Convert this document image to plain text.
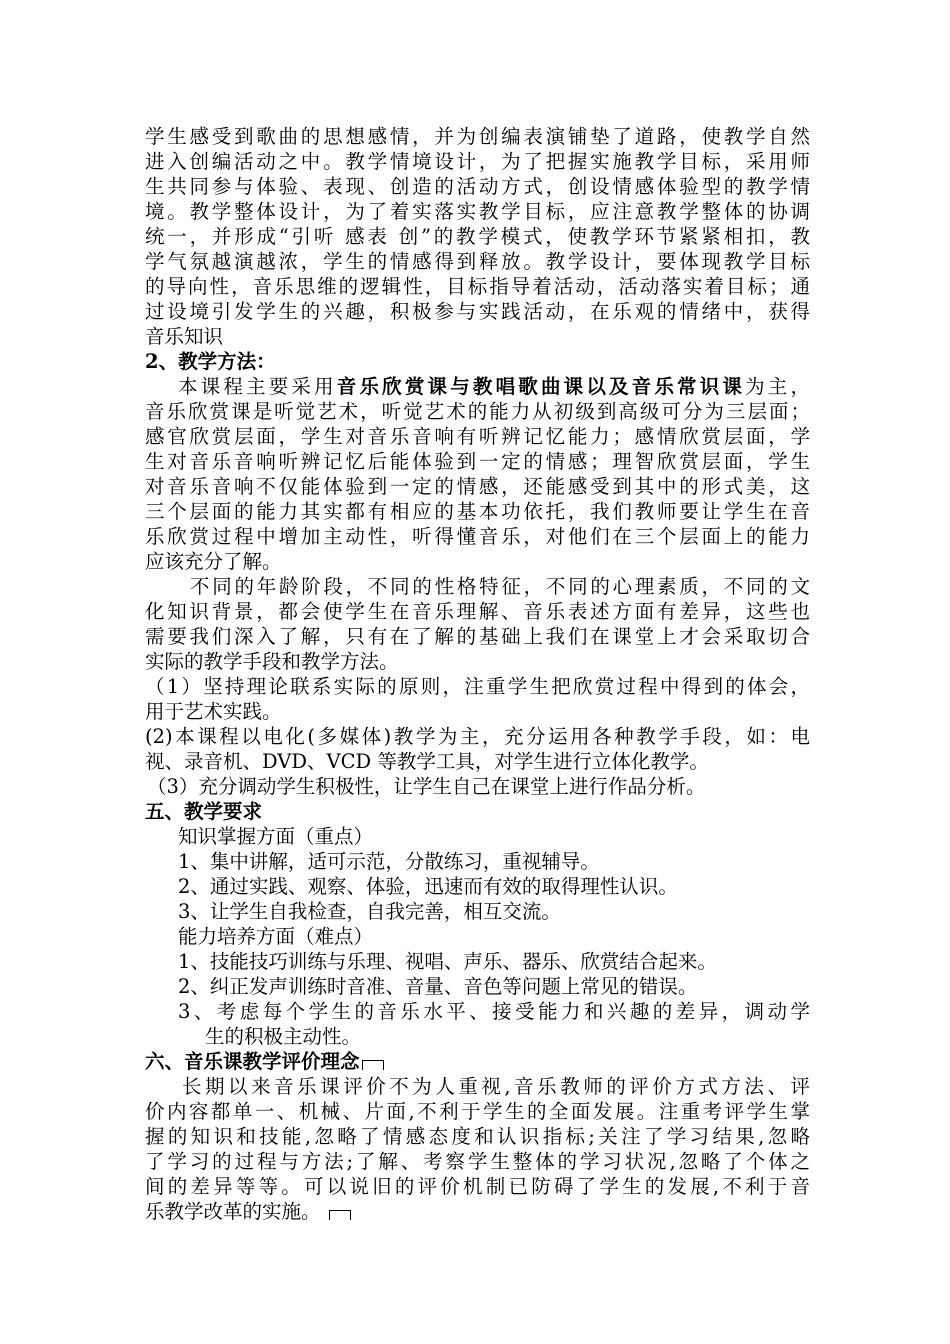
学生感受到歌曲的思想感情，并为创编表演铺垫了道路，使教学自然
进入创编活动之中。教学情境设计，为了把握实施教学目标，采用师
生共同参与体验、表现、创造的活动方式，创设情感体验型的教学情
境。教学整体设计，为了着实落实教学目标，应注意教学整体的协调
统一，并形成“引听 感表 创”的教学模式，使教学环节紧紧相扣，教
学气氛越演越浓，学生的情感得到释放。教学设计，要体现教学目标
的导向性，音乐思维的逻辑性，目标指导着活动，活动落实着目标；通
过设境引发学生的兴趣，积极参与实践活动，在乐观的情绪中，获得
音乐知识
2、教学方法：
本课程主要采用音乐欣赏课与教唱歌曲课以及音乐常识课为主，
音乐欣赏课是听觉艺术，听觉艺术的能力从初级到高级可分为三层面；
感官欣赏层面，学生对音乐音响有听辨记忆能力；感情欣赏层面，学
生对音乐音响听辨记忆后能体验到一定的情感；理智欣赏层面，学生
对音乐音响不仅能体验到一定的情感，还能感受到其中的形式美，这
三个层面的能力其实都有相应的基本功依托，我们教师要让学生在音
乐欣赏过程中增加主动性，听得懂音乐，对他们在三个层面上的能力
应该充分了解。
不同的年龄阶段，不同的性格特征，不同的心理素质，不同的文
化知识背景，都会使学生在音乐理解、音乐表述方面有差异，这些也
需要我们深入了解，只有在了解的基础上我们在课堂上才会采取切合
实际的教学手段和教学方法。
（1）坚持理论联系实际的原则，注重学生把欣赏过程中得到的体会，
用于艺术实践。
(2)本课程以电化(多媒体)教学为主，充分运用各种教学手段，如：电
视、录音机、DVD、VCD 等教学工具，对学生进行立体化教学。
（3）充分调动学生积极性，让学生自己在课堂上进行作品分析。
五、教学要求
知识掌握方面（重点）
1、集中讲解，适可示范，分散练习，重视辅导。
2、通过实践、观察、体验，迅速而有效的取得理性认识。
3、让学生自我检查，自我完善，相互交流。
能力培养方面（难点）
1、技能技巧训练与乐理、视唱、声乐、器乐、欣赏结合起来。
2、纠正发声训练时音准、音量、音色等问题上常见的错误。
3、考虑每个学生的音乐水平、接受能力和兴趣的差异，调动学
生的积极主动性。
六、音乐课教学评价理念
长期以来音乐课评价不为人重视,音乐教师的评价方式方法、评
价内容都单一、机械、片面,不利于学生的全面发展。注重考评学生掌
握的知识和技能,忽略了情感态度和认识指标;关注了学习结果,忽略
了学习的过程与方法;了解、考察学生整体的学习状况,忽略了个体之
间的差异等等。可以说旧的评价机制已防碍了学生的发展,不利于音
乐教学改革的实施。
